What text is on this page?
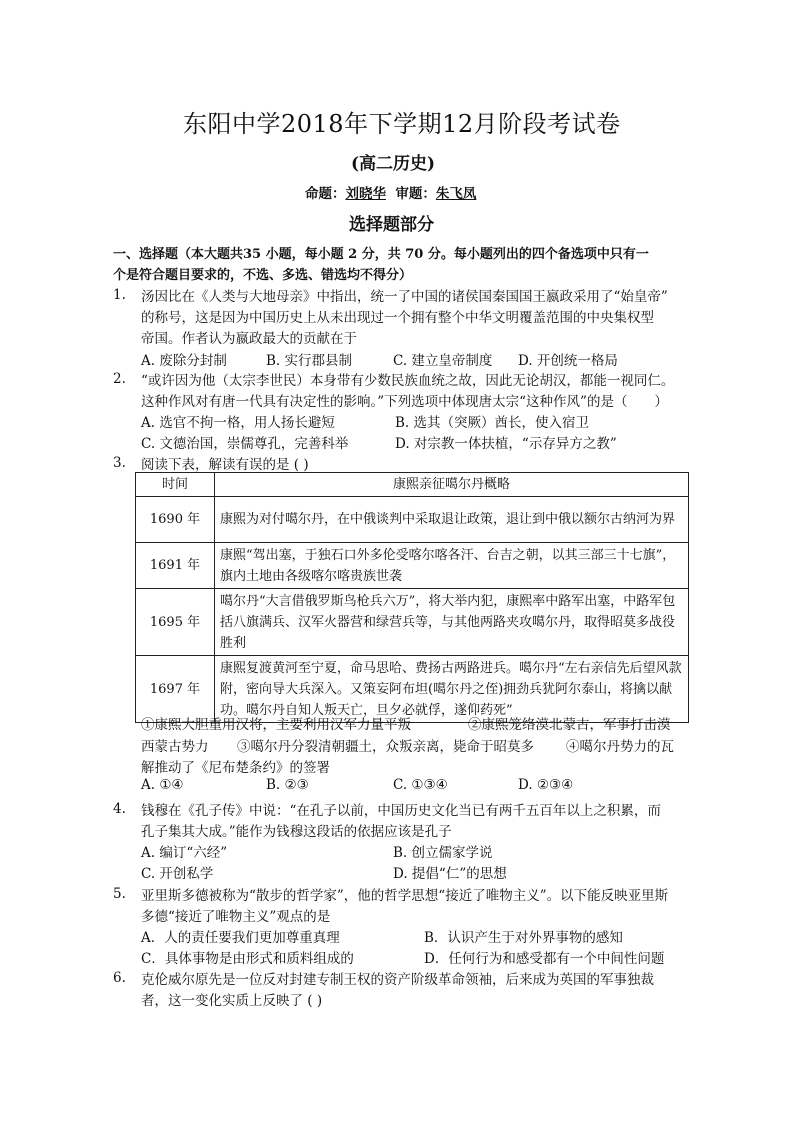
东阳中学2018年下学期12月阶段考试卷
(高二历史)
命题：刘晓华 审题：朱飞凤
选择题部分
一、选择题（本大题共35 小题，每小题 2 分，共 70 分。每小题列出的四个备选项中只有一
个是符合题目要求的，不选、多选、错选均不得分）
1. 汤因比在《人类与大地母亲》中指出，统一了中国的诸侯国秦国国王嬴政采用了“始皇帝”
的称号，这是因为中国历史上从未出现过一个拥有整个中华文明覆盖范围的中央集权型
帝国。作者认为嬴政最大的贡献在于
A. 废除分封制	B. 实行郡县制	C. 建立皇帝制度 D. 开创统一格局
2. “或许因为他（太宗李世民）本身带有少数民族血统之故，因此无论胡汉，都能一视同仁。
这种作风对有唐一代具有决定性的影响。”下列选项中体现唐太宗“这种作风”的是（　　）
A. 选官不拘一格，用人扬长避短	B. 选其（突厥）酋长，使入宿卫
C. 文德治国，崇儒尊孔，完善科举	D. 对宗教一体扶植，“示存异方之教”
3. 阅读下表，解读有误的是 ( )
时间	康熙亲征噶尔丹概略
1690 年	康熙为对付噶尔丹，在中俄谈判中采取退让政策，退让到中俄以额尔古纳河为界
1691 年	康熙“驾出塞，于独石口外多伦受喀尔喀各汗、台吉之朝，以其三部三十七旗”，旗内土地由各级喀尔喀贵族世袭
1695 年	噶尔丹“大言借俄罗斯鸟枪兵六万”，将大举内犯，康熙率中路军出塞，中路军包括八旗满兵、汉军火器营和绿营兵等，与其他两路夹攻噶尔丹，取得昭莫多战役胜利
1697 年	康熙复渡黄河至宁夏，命马思哈、费扬古两路进兵。噶尔丹“左右亲信先后望风款附，密向导大兵深入。又策妄阿布坦(噶尔丹之侄)拥劲兵犹阿尔泰山，将擒以献功。噶尔丹自知人叛天亡，旦夕必就俘，遂仰药死”
①康熙大胆重用汉将，主要利用汉军力量平叛	②康熙笼络漠北蒙古，军事打击漠
西蒙古势力 ③噶尔丹分裂清朝疆土，众叛亲离，毙命于昭莫多 ④噶尔丹势力的瓦
解推动了《尼布楚条约》的签署
A. ①④	B. ②③	C. ①③④	D. ②③④
4. 钱穆在《孔子传》中说：“在孔子以前，中国历史文化当已有两千五百年以上之积累，而
孔子集其大成。”能作为钱穆这段话的依据应该是孔子
A. 编订“六经”	B. 创立儒家学说
C. 开创私学	D. 提倡“仁”的思想
5. 亚里斯多德被称为“散步的哲学家”，他的哲学思想“接近了唯物主义”。以下能反映亚里斯
多德“接近了唯物主义”观点的是
A．人的责任要我们更加尊重真理	B．认识产生于对外界事物的感知
C．具体事物是由形式和质料组成的	D．任何行为和感受都有一个中间性问题
6. 克伦威尔原先是一位反对封建专制王权的资产阶级革命领袖，后来成为英国的军事独裁
者，这一变化实质上反映了 ( )
